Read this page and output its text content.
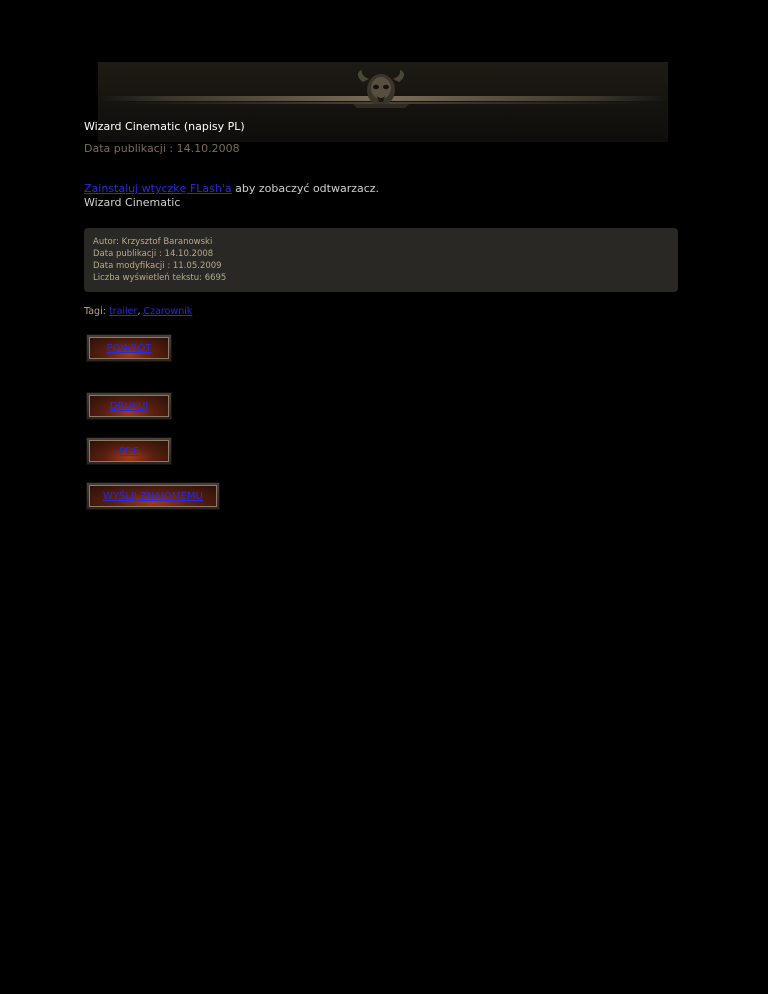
Wizard Cinematic (napisy PL)
Data publikacji : 14.10.2008
Zainstaluj wtyczkę FLash'a aby zobaczyć odtwarzacz.
Wizard Cinematic
Autor: Krzysztof Baranowski
Data publikacji : 14.10.2008
Data modyfikacji : 11.05.2009
Liczba wyświetleń tekstu: 6695
Tagi: trailer, Czarownik
POWRÓT
DRUKUJ
PDF
WYŚLIJ ZNAJOMEMU
